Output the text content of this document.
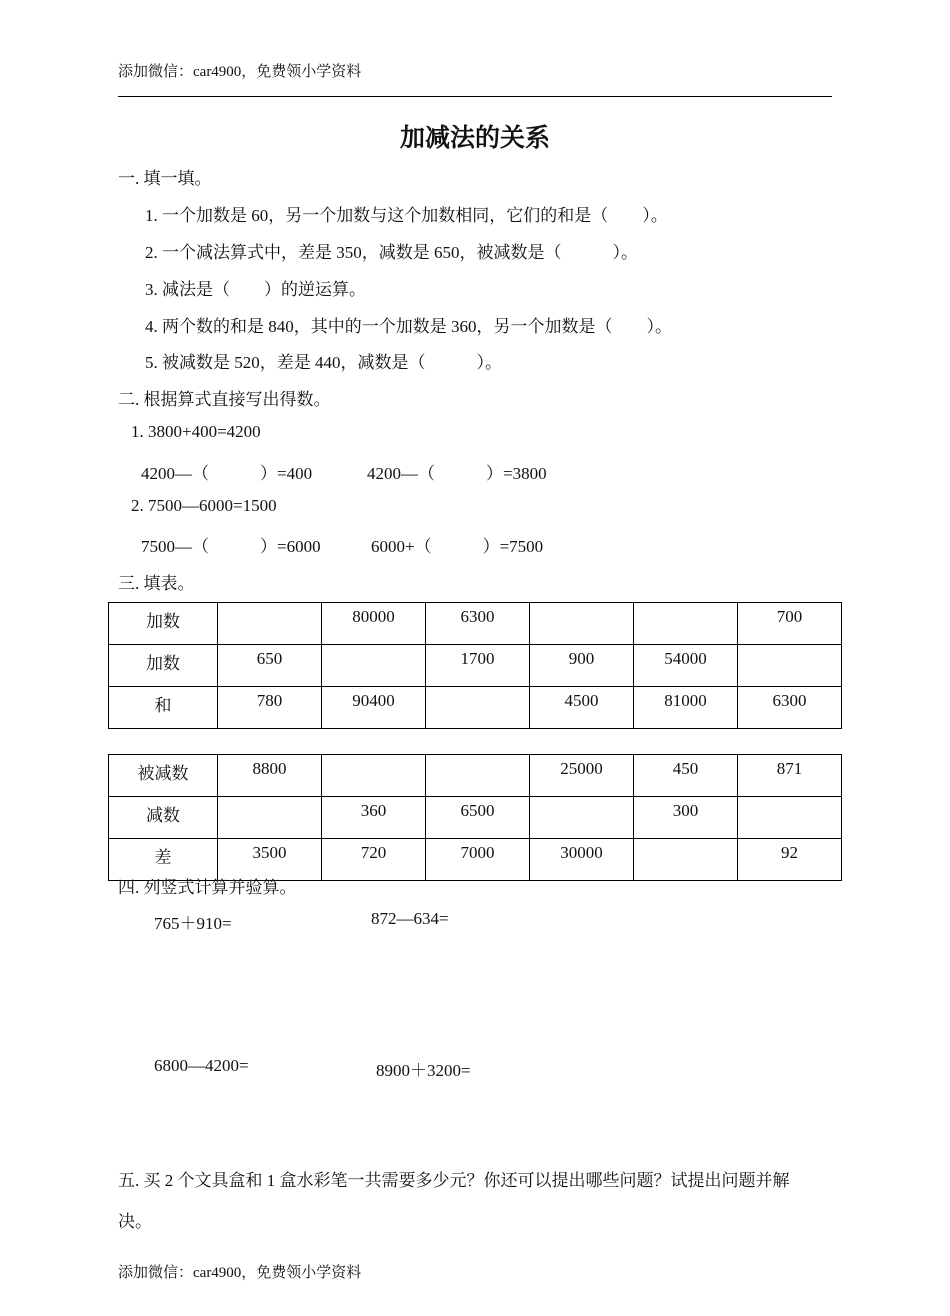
添加微信：car4900，免费领小学资料
加减法的关系
一. 填一填。
1. 一个加数是 60，另一个加数与这个加数相同，它们的和是（　　）。
2. 一个减法算式中，差是 350，减数是 650，被减数是（　　　）。
3. 减法是（　　）的逆运算。
4. 两个数的和是 840，其中的一个加数是 360，另一个加数是（　　）。
5. 被减数是 520，差是 440，减数是（　　　）。
二. 根据算式直接写出得数。
1. 3800+400=4200
4200—（　　　）=400	4200—（　　　）=3800
2. 7500—6000=1500
7500—（　　　）=6000	6000+（　　　）=7500
三. 填表。
加数		80000	6300			700
加数	650		1700	900	54000	
和	780	90400		4500	81000	6300
被减数	8800			25000	450	871
减数		360	6500		300	
差	3500	720	7000	30000		92
四. 列竖式计算并验算。
765＋910=	872—634=
6800—4200=	8900＋3200=
五. 买 2 个文具盒和 1 盒水彩笔一共需要多少元？你还可以提出哪些问题？试提出问题并解
决。
添加微信：car4900，免费领小学资料
